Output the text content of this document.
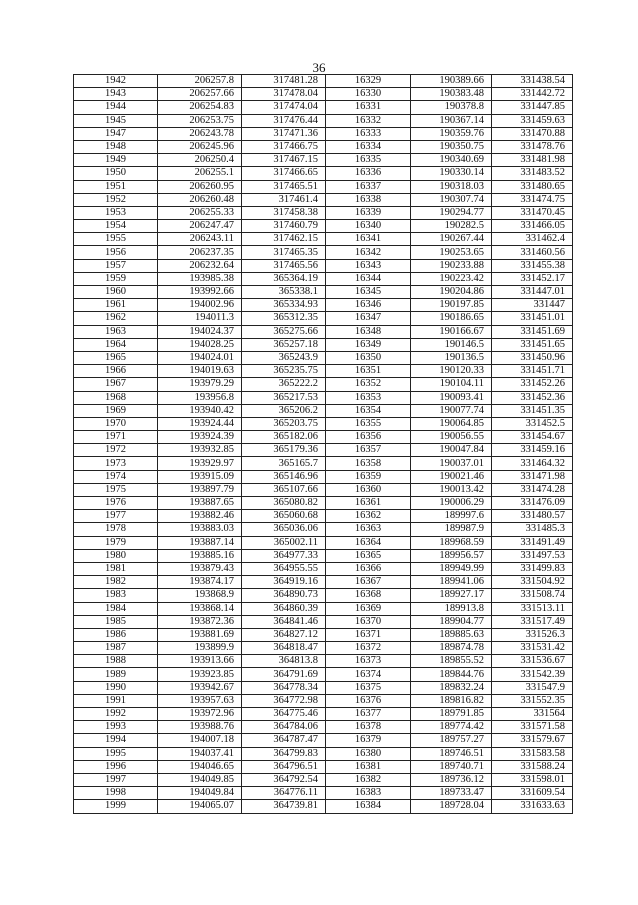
36
1942	206257.8	317481.28	16329	190389.66	331438.54
1943	206257.66	317478.04	16330	190383.48	331442.72
1944	206254.83	317474.04	16331	190378.8	331447.85
1945	206253.75	317476.44	16332	190367.14	331459.63
1947	206243.78	317471.36	16333	190359.76	331470.88
1948	206245.96	317466.75	16334	190350.75	331478.76
1949	206250.4	317467.15	16335	190340.69	331481.98
1950	206255.1	317466.65	16336	190330.14	331483.52
1951	206260.95	317465.51	16337	190318.03	331480.65
1952	206260.48	317461.4	16338	190307.74	331474.75
1953	206255.33	317458.38	16339	190294.77	331470.45
1954	206247.47	317460.79	16340	190282.5	331466.05
1955	206243.11	317462.15	16341	190267.44	331462.4
1956	206237.35	317465.35	16342	190253.65	331460.56
1957	206232.64	317465.56	16343	190233.88	331455.38
1959	193985.38	365364.19	16344	190223.42	331452.17
1960	193992.66	365338.1	16345	190204.86	331447.01
1961	194002.96	365334.93	16346	190197.85	331447
1962	194011.3	365312.35	16347	190186.65	331451.01
1963	194024.37	365275.66	16348	190166.67	331451.69
1964	194028.25	365257.18	16349	190146.5	331451.65
1965	194024.01	365243.9	16350	190136.5	331450.96
1966	194019.63	365235.75	16351	190120.33	331451.71
1967	193979.29	365222.2	16352	190104.11	331452.26
1968	193956.8	365217.53	16353	190093.41	331452.36
1969	193940.42	365206.2	16354	190077.74	331451.35
1970	193924.44	365203.75	16355	190064.85	331452.5
1971	193924.39	365182.06	16356	190056.55	331454.67
1972	193932.85	365179.36	16357	190047.84	331459.16
1973	193929.97	365165.7	16358	190037.01	331464.32
1974	193915.09	365146.96	16359	190021.46	331471.98
1975	193897.79	365107.66	16360	190013.42	331474.28
1976	193887.65	365080.82	16361	190006.29	331476.09
1977	193882.46	365060.68	16362	189997.6	331480.57
1978	193883.03	365036.06	16363	189987.9	331485.3
1979	193887.14	365002.11	16364	189968.59	331491.49
1980	193885.16	364977.33	16365	189956.57	331497.53
1981	193879.43	364955.55	16366	189949.99	331499.83
1982	193874.17	364919.16	16367	189941.06	331504.92
1983	193868.9	364890.73	16368	189927.17	331508.74
1984	193868.14	364860.39	16369	189913.8	331513.11
1985	193872.36	364841.46	16370	189904.77	331517.49
1986	193881.69	364827.12	16371	189885.63	331526.3
1987	193899.9	364818.47	16372	189874.78	331531.42
1988	193913.66	364813.8	16373	189855.52	331536.67
1989	193923.85	364791.69	16374	189844.76	331542.39
1990	193942.67	364778.34	16375	189832.24	331547.9
1991	193957.63	364772.98	16376	189816.82	331552.35
1992	193972.96	364775.46	16377	189791.85	331564
1993	193988.76	364784.06	16378	189774.42	331571.58
1994	194007.18	364787.47	16379	189757.27	331579.67
1995	194037.41	364799.83	16380	189746.51	331583.58
1996	194046.65	364796.51	16381	189740.71	331588.24
1997	194049.85	364792.54	16382	189736.12	331598.01
1998	194049.84	364776.11	16383	189733.47	331609.54
1999	194065.07	364739.81	16384	189728.04	331633.63
